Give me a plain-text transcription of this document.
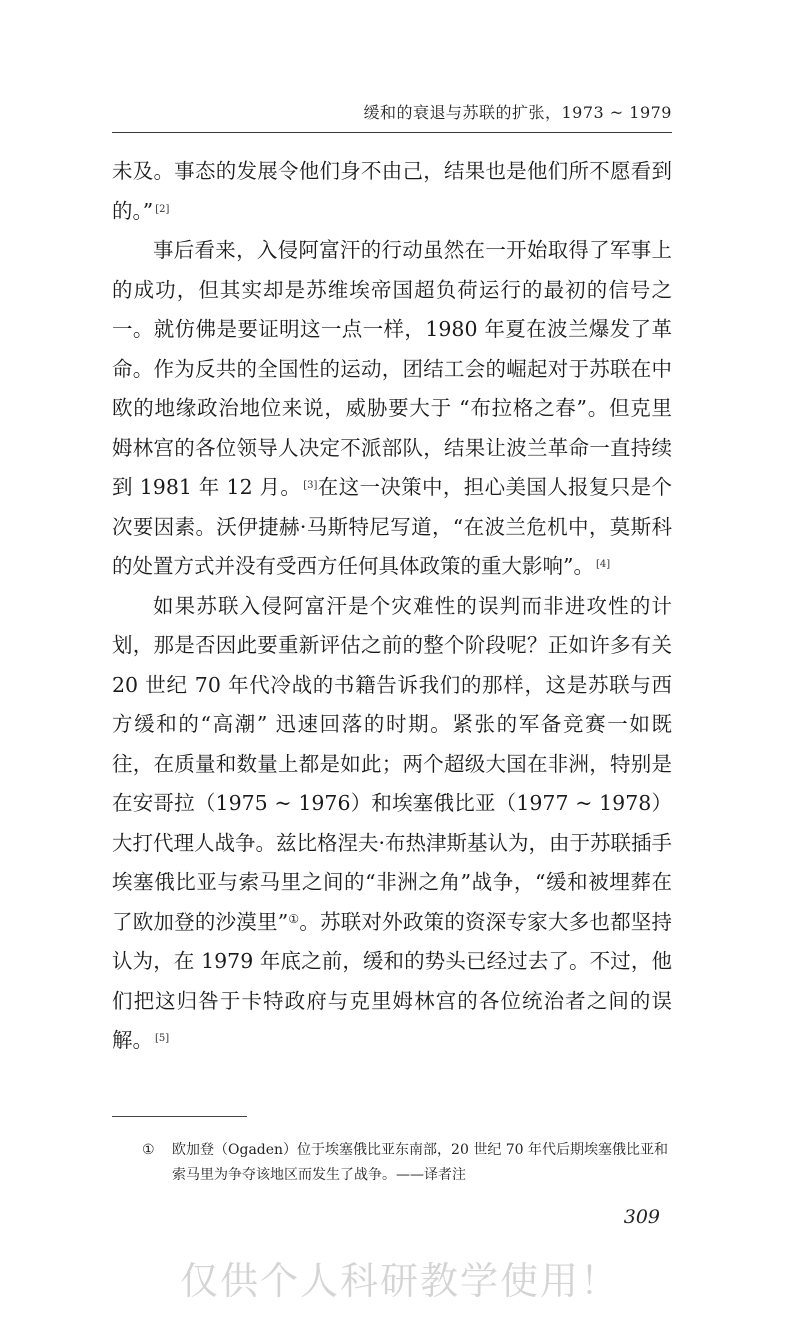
缓和的衰退与苏联的扩张，1973 ~ 1979

未及。事态的发展令他们身不由己，结果也是他们所不愿看到的。” [2]

事后看来，入侵阿富汗的行动虽然在一开始取得了军事上的成功，但其实却是苏维埃帝国超负荷运行的最初的信号之一。就仿佛是要证明这一点一样，1980 年夏在波兰爆发了革命。作为反共的全国性的运动，团结工会的崛起对于苏联在中欧的地缘政治地位来说，威胁要大于 “布拉格之春”。但克里姆林宫的各位领导人决定不派部队，结果让波兰革命一直持续到 1981 年 12 月。 [3]在这一决策中，担心美国人报复只是个次要因素。沃伊捷赫·马斯特尼写道，“在波兰危机中，莫斯科的处置方式并没有受西方任何具体政策的重大影响”。 [4]

如果苏联入侵阿富汗是个灾难性的误判而非进攻性的计划，那是否因此要重新评估之前的整个阶段呢？正如许多有关 20 世纪 70 年代冷战的书籍告诉我们的那样，这是苏联与西方缓和的“高潮” 迅速回落的时期。紧张的军备竞赛一如既往，在质量和数量上都是如此；两个超级大国在非洲，特别是在安哥拉（1975 ~ 1976）和埃塞俄比亚（1977 ~ 1978）大打代理人战争。兹比格涅夫·布热津斯基认为，由于苏联插手埃塞俄比亚与索马里之间的“非洲之角”战争，“缓和被埋葬在了欧加登的沙漠里”①。苏联对外政策的资深专家大多也都坚持认为，在 1979 年底之前，缓和的势头已经过去了。不过，他们把这归咎于卡特政府与克里姆林宫的各位统治者之间的误解。 [5]

① 欧加登（Ogaden）位于埃塞俄比亚东南部，20 世纪 70 年代后期埃塞俄比亚和索马里为争夺该地区而发生了战争。——译者注
309
仅供个人科研教学使用！
